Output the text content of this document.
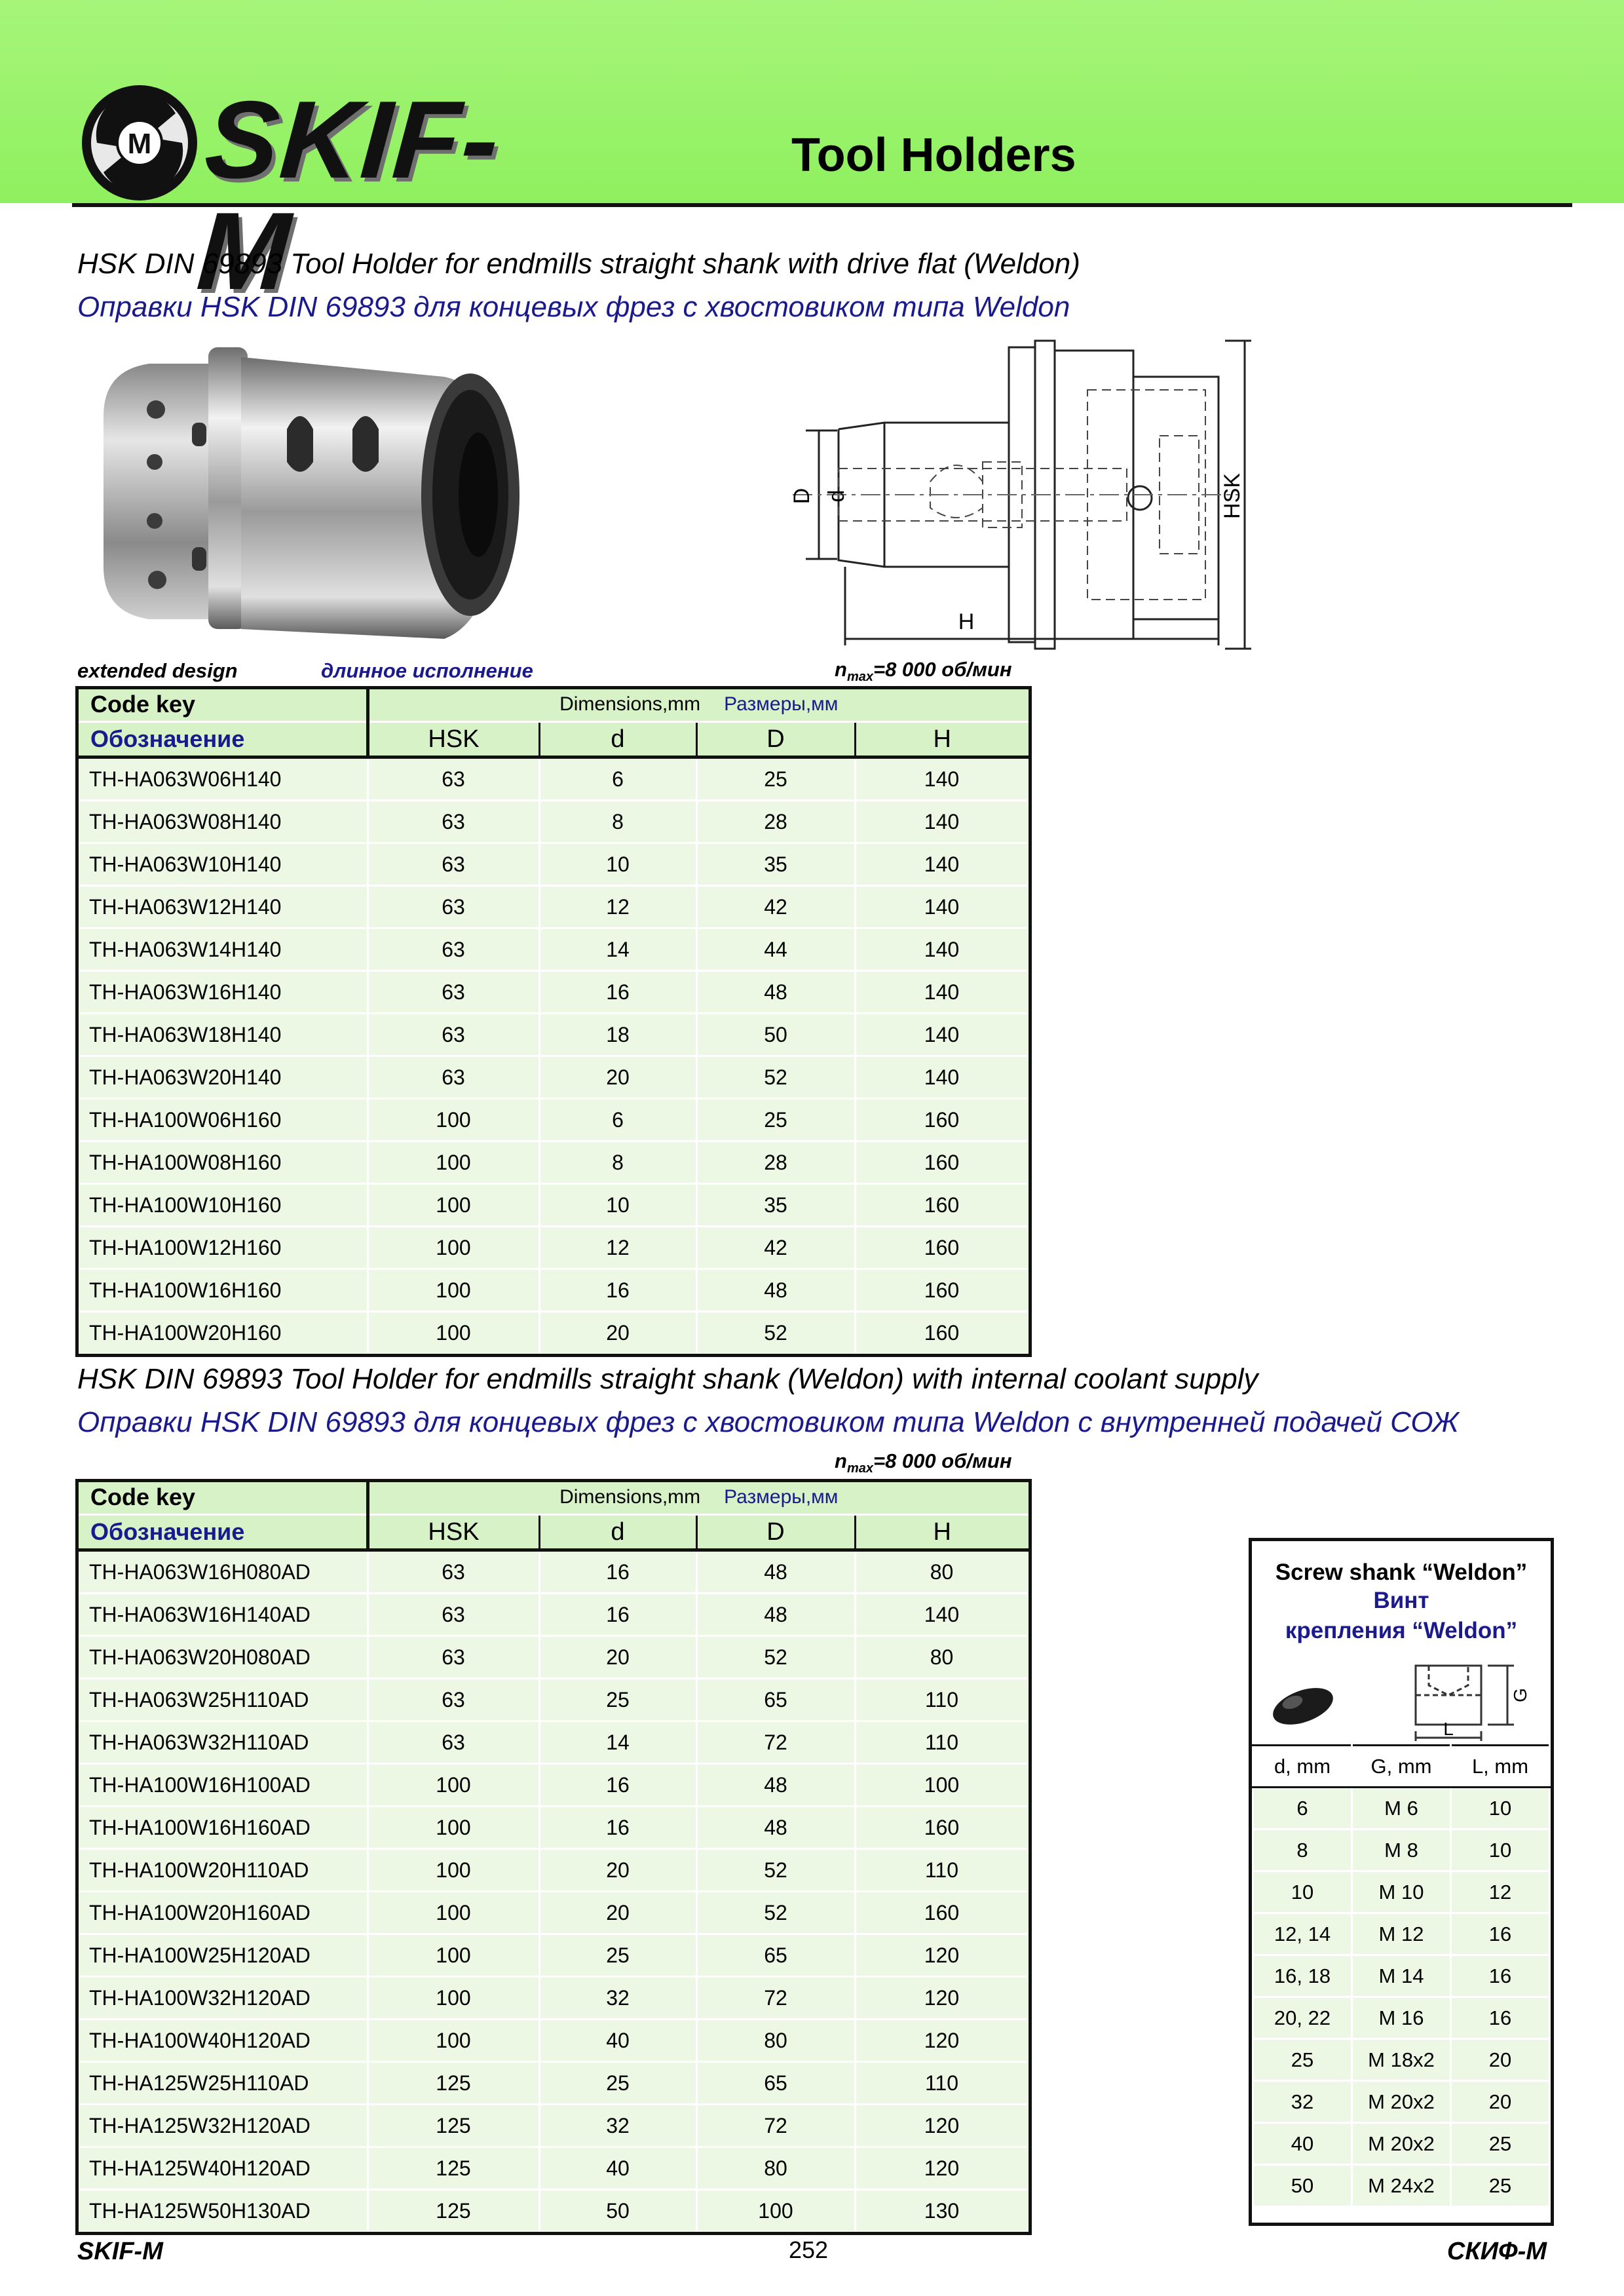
M SKIF-M
Tool Holders
HSK DIN 69893 Tool Holder for endmills straight shank with drive flat (Weldon)
Оправки HSK DIN 69893 для концевых фрез с хвостовиком типа Weldon
D d
H
HSK
extended design	длинное исполнение	$n_{max}=8$ 000 об/мин
Code key	Dimensions,mm Размеры,мм			
Обозначение	HSK	d	D	H
TH-HA063W06H140	63	6	25	140
TH-HA063W08H140	63	8	28	140
TH-HA063W10H140	63	10	35	140
TH-HA063W12H140	63	12	42	140
TH-HA063W14H140	63	14	44	140
TH-HA063W16H140	63	16	48	140
TH-HA063W18H140	63	18	50	140
TH-HA063W20H140	63	20	52	140
TH-HA100W06H160	100	6	25	160
TH-HA100W08H160	100	8	28	160
TH-HA100W10H160	100	10	35	160
TH-HA100W12H160	100	12	42	160
TH-HA100W16H160	100	16	48	160
TH-HA100W20H160	100	20	52	160
HSK DIN 69893 Tool Holder for endmills straight shank (Weldon) with internal coolant supply
Оправки HSK DIN 69893 для концевых фрез с хвостовиком типа Weldon с внутренней подачей СОЖ
$n_{max}=8$ 000 об/мин
Code key	Dimensions,mm Размеры,мм			
Обозначение	HSK	d	D	H
TH-HA063W16H080AD	63	16	48	80
TH-HA063W16H140AD	63	16	48	140
TH-HA063W20H080AD	63	20	52	80
TH-HA063W25H110AD	63	25	65	110
TH-HA063W32H110AD	63	14	72	110
TH-HA100W16H100AD	100	16	48	100
TH-HA100W16H160AD	100	16	48	160
TH-HA100W20H110AD	100	20	52	110
TH-HA100W20H160AD	100	20	52	160
TH-HA100W25H120AD	100	25	65	120
TH-HA100W32H120AD	100	32	72	120
TH-HA100W40H120AD	100	40	80	120
TH-HA125W25H110AD	125	25	65	110
TH-HA125W32H120AD	125	32	72	120
TH-HA125W40H120AD	125	40	80	120
TH-HA125W50H130AD	125	50	100	130
Screw shank “Weldon”
Винт
крепления “Weldon”
G
L
d, mm	G, mm	L, mm
6	M 6	10
8	M 8	10
10	M 10	12
12, 14	M 12	16
16, 18	M 14	16
20, 22	M 16	16
25	M 18x2	20
32	M 20x2	20
40	M 20x2	25
50	M 24x2	25
SKIF-M	252	СКИФ-М
